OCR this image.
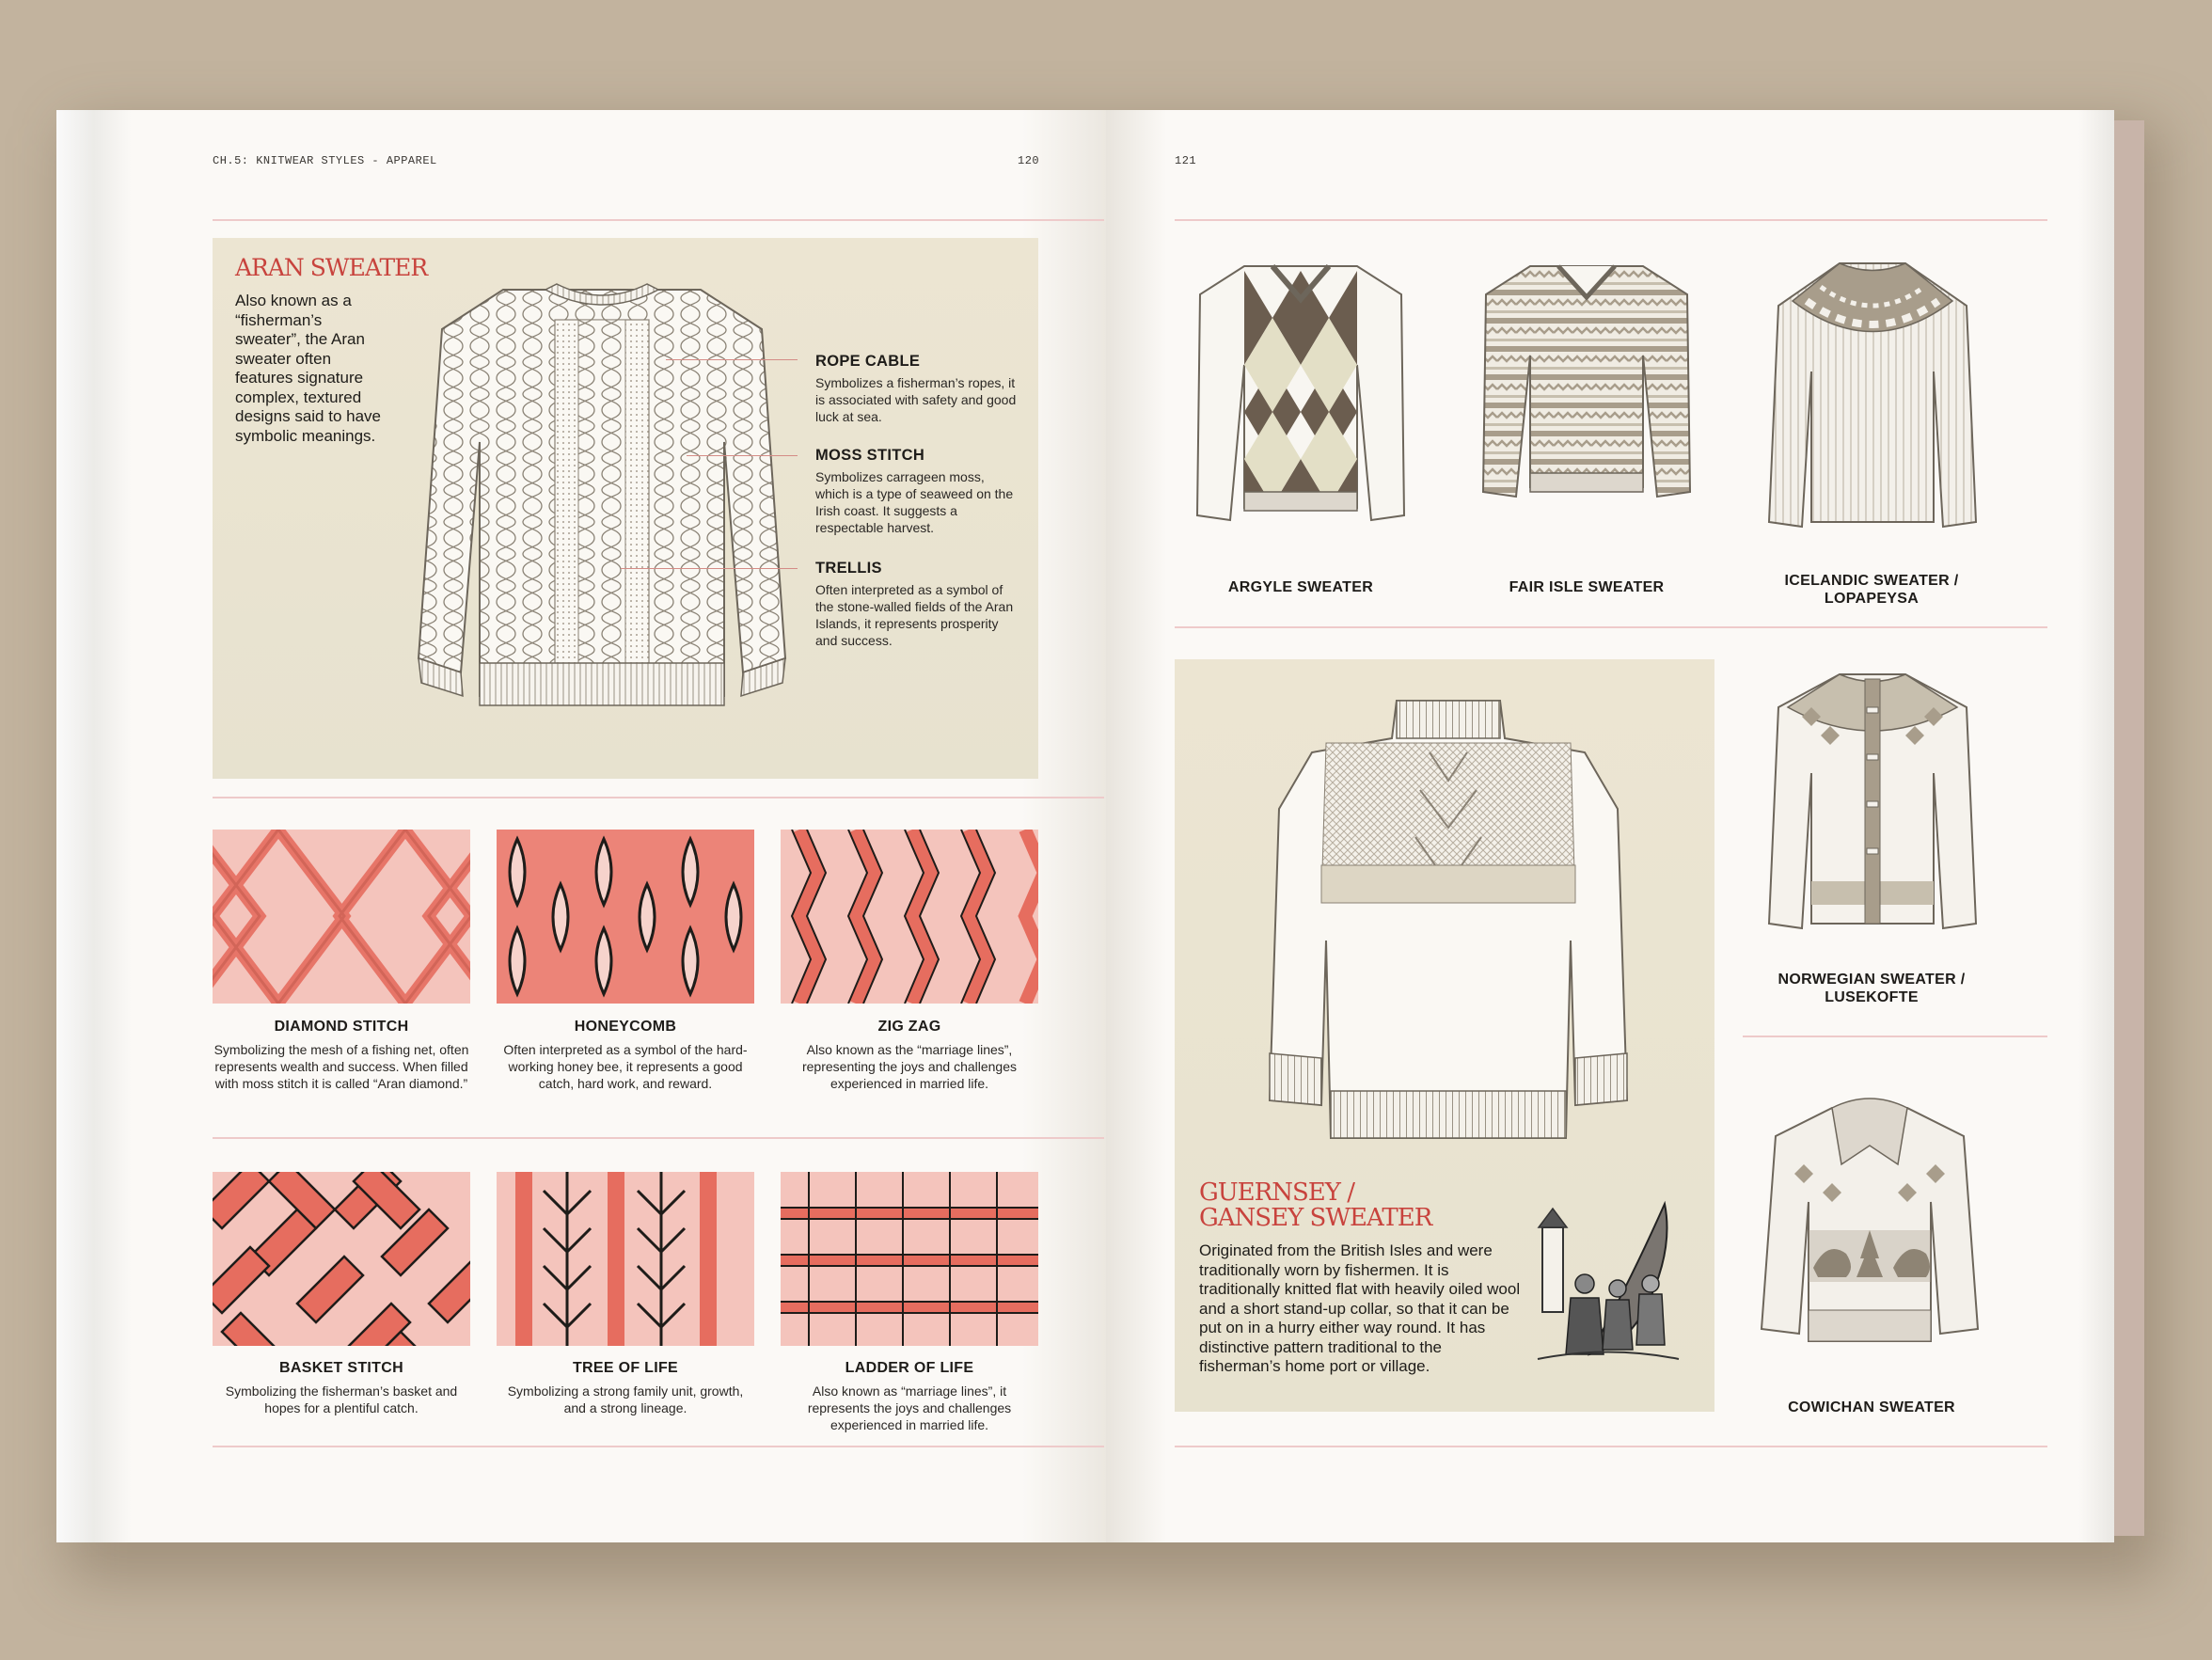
CH.5: KNITWEAR STYLES - APPAREL	120	121
ARAN SWEATER
Also known as a “fisherman’s sweater”, the Aran sweater often features signature complex, textured designs said to have symbolic meanings.
ROPE CABLE
Symbolizes a fisherman’s ropes, it is associated with safety and good luck at sea.
MOSS STITCH
Symbolizes carrageen moss, which is a type of seaweed on the Irish coast. It suggests a respectable harvest.
TRELLIS
Often interpreted as a symbol of the stone-walled fields of the Aran Islands, it represents prosperity and success.
DIAMOND STITCH
Symbolizing the mesh of a fishing net, often represents wealth and success. When filled with moss stitch it is called “Aran diamond.”
HONEYCOMB
Often interpreted as a symbol of the hard-working honey bee, it represents a good catch, hard work, and reward.
ZIG ZAG
Also known as the “marriage lines”, representing the joys and challenges experienced in married life.
BASKET STITCH
Symbolizing the fisherman’s basket and hopes for a plentiful catch.
TREE OF LIFE
Symbolizing a strong family unit, growth, and a strong lineage.
LADDER OF LIFE
Also known as “marriage lines”, it represents the joys and challenges experienced in married life.
ARGYLE SWEATER	FAIR ISLE SWEATER	ICELANDIC SWEATER / LOPAPEYSA
GUERNSEY /
GANSEY SWEATER
Originated from the British Isles and were traditionally worn by fishermen. It is traditionally knitted flat with heavily oiled wool and a short stand-up collar, so that it can be put on in a hurry either way round. It has distinctive pattern traditional to the fisherman’s home port or village.
NORWEGIAN SWEATER / LUSEKOFTE
COWICHAN SWEATER
